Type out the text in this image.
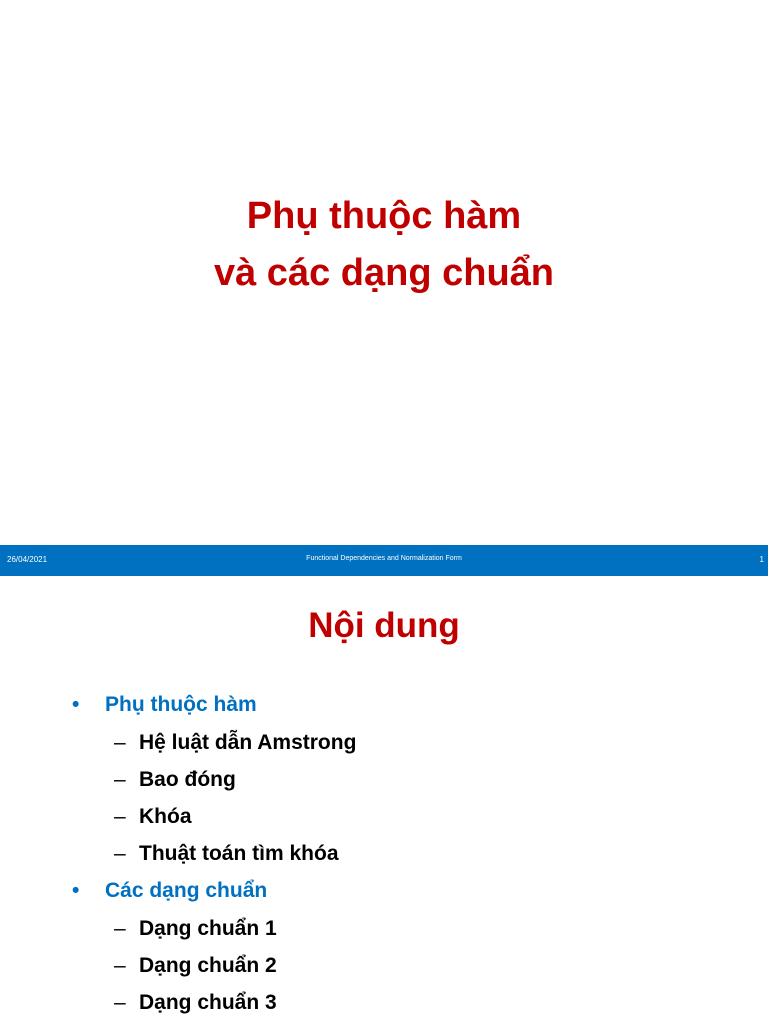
Phụ thuộc hàm
và các dạng chuẩn
26/04/2021	Functional Dependencies and Normalization Form	1
Nội dung
•	Phụ thuộc hàm
– Hệ luật dẫn Amstrong
– Bao đóng
– Khóa
– Thuật toán tìm khóa
•	Các dạng chuẩn
– Dạng chuẩn 1
– Dạng chuẩn 2
– Dạng chuẩn 3
